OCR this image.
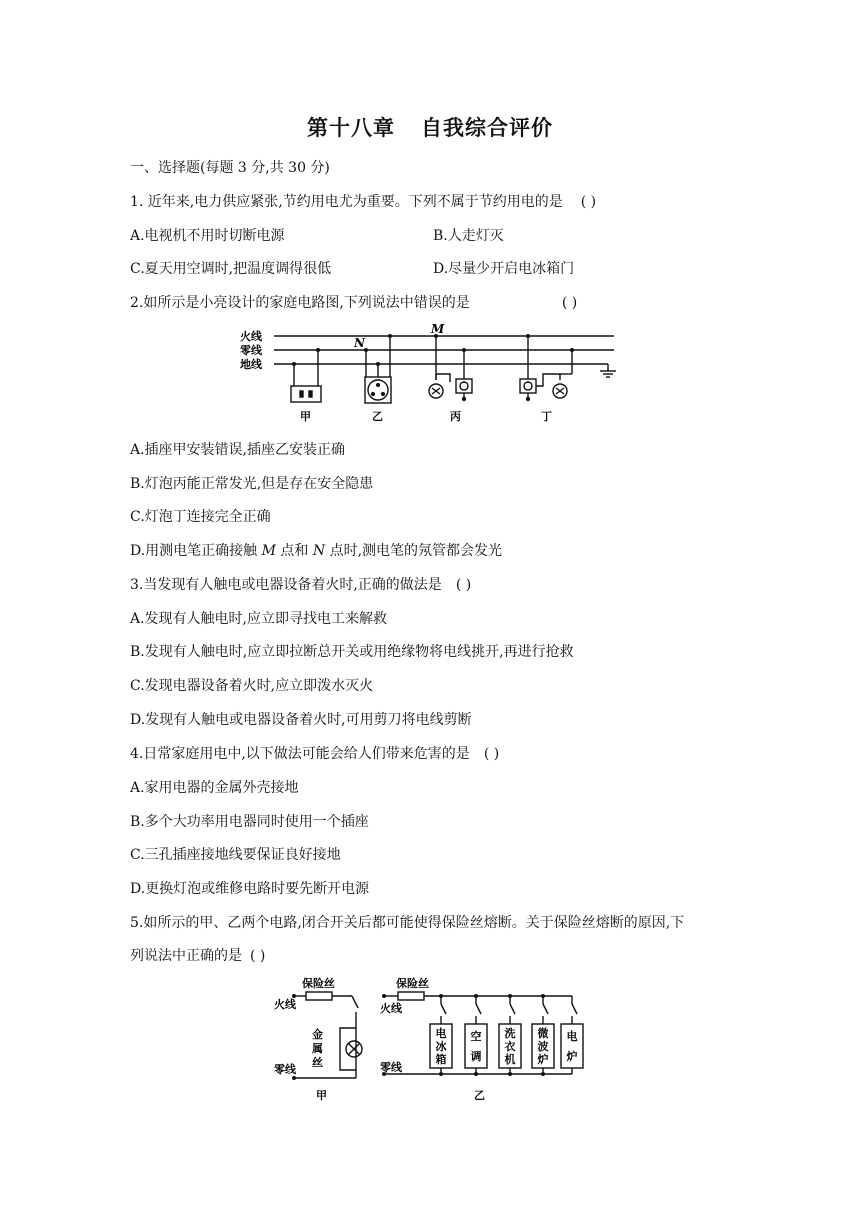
第十八章 自我综合评价
一、选择题(每题 3 分,共 30 分)
1. 近年来,电力供应紧张,节约用电尤为重要。下列不属于节约用电的是 ( )
A.电视机不用时切断电源	B.人走灯灭
C.夏天用空调时,把温度调得很低	D.尽量少开启电冰箱门
2.如所示是小亮设计的家庭电路图,下列说法中错误的是	( )
火线
零线
地线
M
N
甲	乙	丙	丁
A.插座甲安装错误,插座乙安装正确
B.灯泡丙能正常发光,但是存在安全隐患
C.灯泡丁连接完全正确
D.用测电笔正确接触 M 点和 N 点时,测电笔的氖管都会发光
3.当发现有人触电或电器设备着火时,正确的做法是 ( )
A.发现有人触电时,应立即寻找电工来解救
B.发现有人触电时,应立即拉断总开关或用绝缘物将电线挑开,再进行抢救
C.发现电器设备着火时,应立即泼水灭火
D.发现有人触电或电器设备着火时,可用剪刀将电线剪断
4.日常家庭用电中,以下做法可能会给人们带来危害的是 ( )
A.家用电器的金属外壳接地
B.多个大功率用电器同时使用一个插座
C.三孔插座接地线要保证良好接地
D.更换灯泡或维修电路时要先断开电源
5.如所示的甲、乙两个电路,闭合开关后都可能使得保险丝熔断。关于保险丝熔断的原因,下
列说法中正确的是 ( )
保险丝
火线
零线
金
属
丝
甲
保险丝
火线
零线
乙
电
冰
箱
空
调
洗
衣
机
微
波
炉
电
炉
